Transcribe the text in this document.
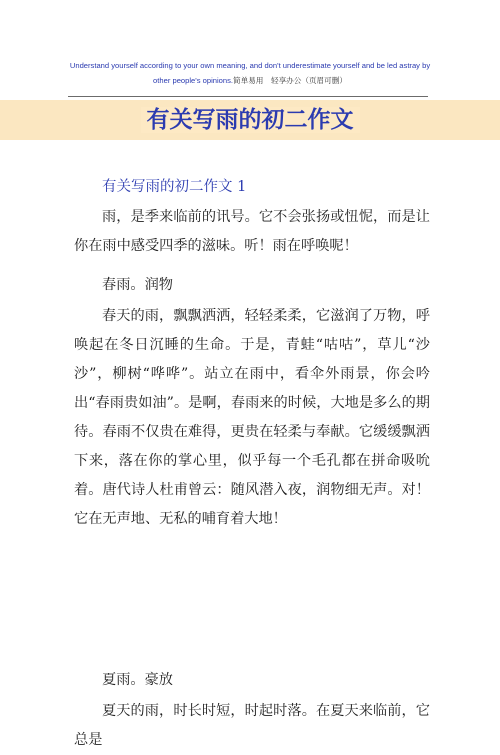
Understand yourself according to your own meaning, and don't underestimate yourself and be led astray by
other people's opinions.简单易用　轻享办公（页眉可删）
有关写雨的初二作文
有关写雨的初二作文 1

雨，是季来临前的讯号。它不会张扬或忸怩，而是让你在雨中感受四季的滋味。听！雨在呼唤呢！

春雨。润物

春天的雨，飘飘洒洒，轻轻柔柔，它滋润了万物，呼唤起在冬日沉睡的生命。于是，青蛙“咕咕”，草儿“沙沙”，柳树“哗哗”。站立在雨中，看伞外雨景，你会吟出“春雨贵如油”。是啊，春雨来的时候，大地是多么的期待。春雨不仅贵在难得，更贵在轻柔与奉献。它缓缓飘洒下来，落在你的掌心里，似乎每一个毛孔都在拼命吸吮着。唐代诗人杜甫曾云：随风潜入夜，润物细无声。对！它在无声地、无私的哺育着大地！

夏雨。豪放

夏天的雨，时长时短，时起时落。在夏天来临前，它总是
